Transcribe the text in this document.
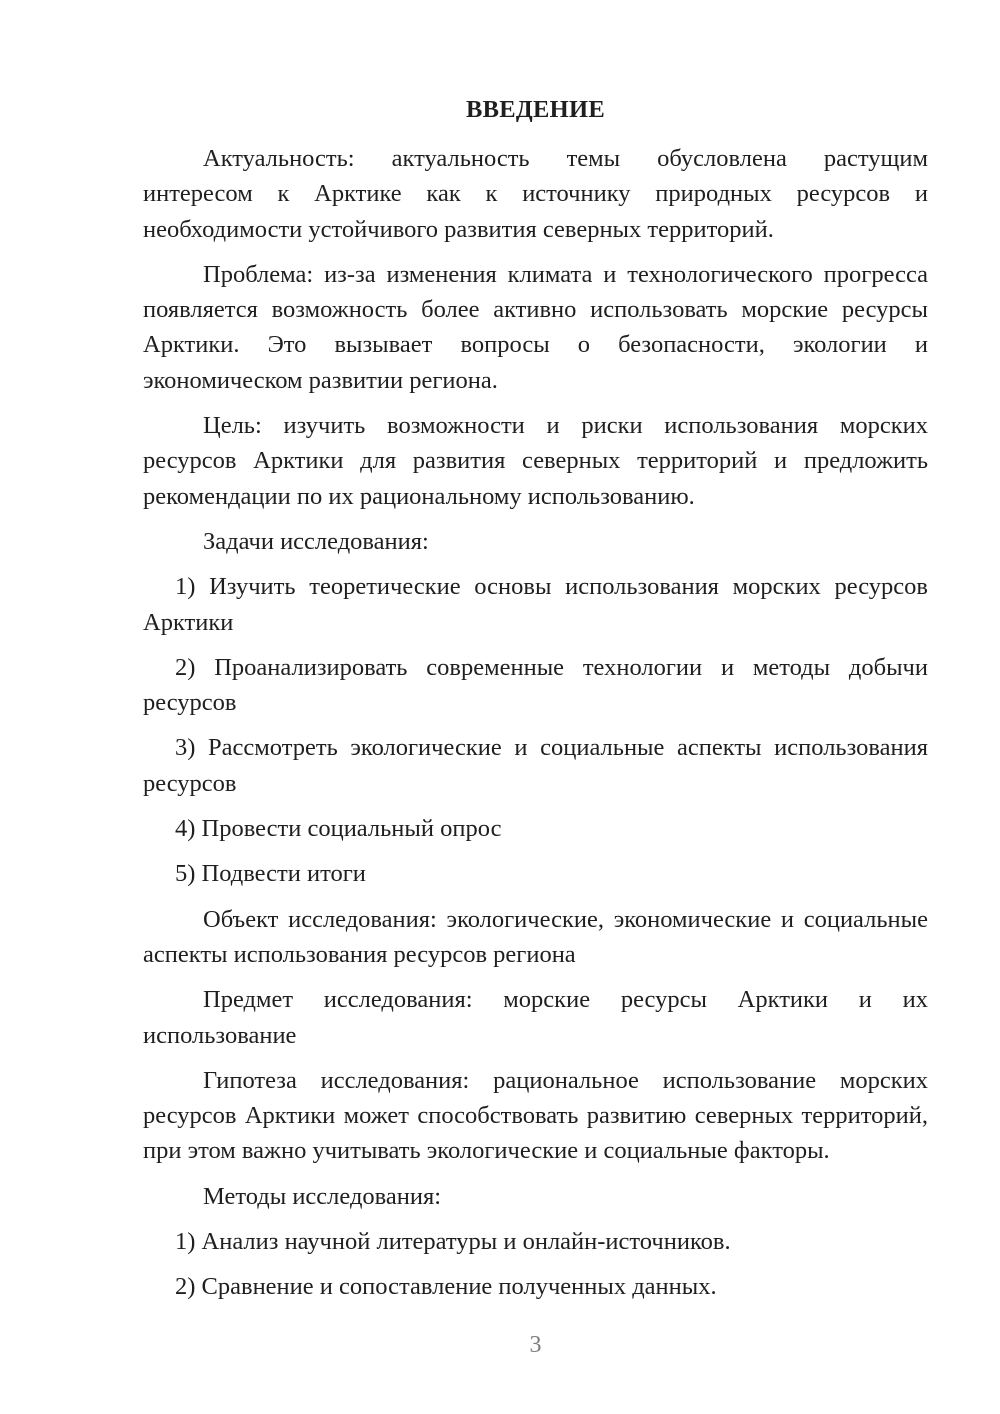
ВВЕДЕНИЕ
Актуальность: актуальность темы обусловлена растущим
интересом к Арктике как к источнику природных ресурсов и
необходимости устойчивого развития северных территорий.
Проблема: из-за изменения климата и технологического прогресса
появляется возможность более активно использовать морские ресурсы
Арктики. Это вызывает вопросы о безопасности, экологии и
экономическом развитии региона.
Цель: изучить возможности и риски использования морских
ресурсов Арктики для развития северных территорий и предложить
рекомендации по их рациональному использованию.
Задачи исследования:
1) Изучить теоретические основы использования морских ресурсов
Арктики
2) Проанализировать современные технологии и методы добычи
ресурсов
3) Рассмотреть экологические и социальные аспекты использования
ресурсов
4) Провести социальный опрос
5) Подвести итоги
Объект исследования: экологические, экономические и социальные
аспекты использования ресурсов региона
Предмет исследования: морские ресурсы Арктики и их
использование
Гипотеза исследования: рациональное использование морских
ресурсов Арктики может способствовать развитию северных территорий,
при этом важно учитывать экологические и социальные факторы.
Методы исследования:
1) Анализ научной литературы и онлайн-источников.
2) Сравнение и сопоставление полученных данных.
3
